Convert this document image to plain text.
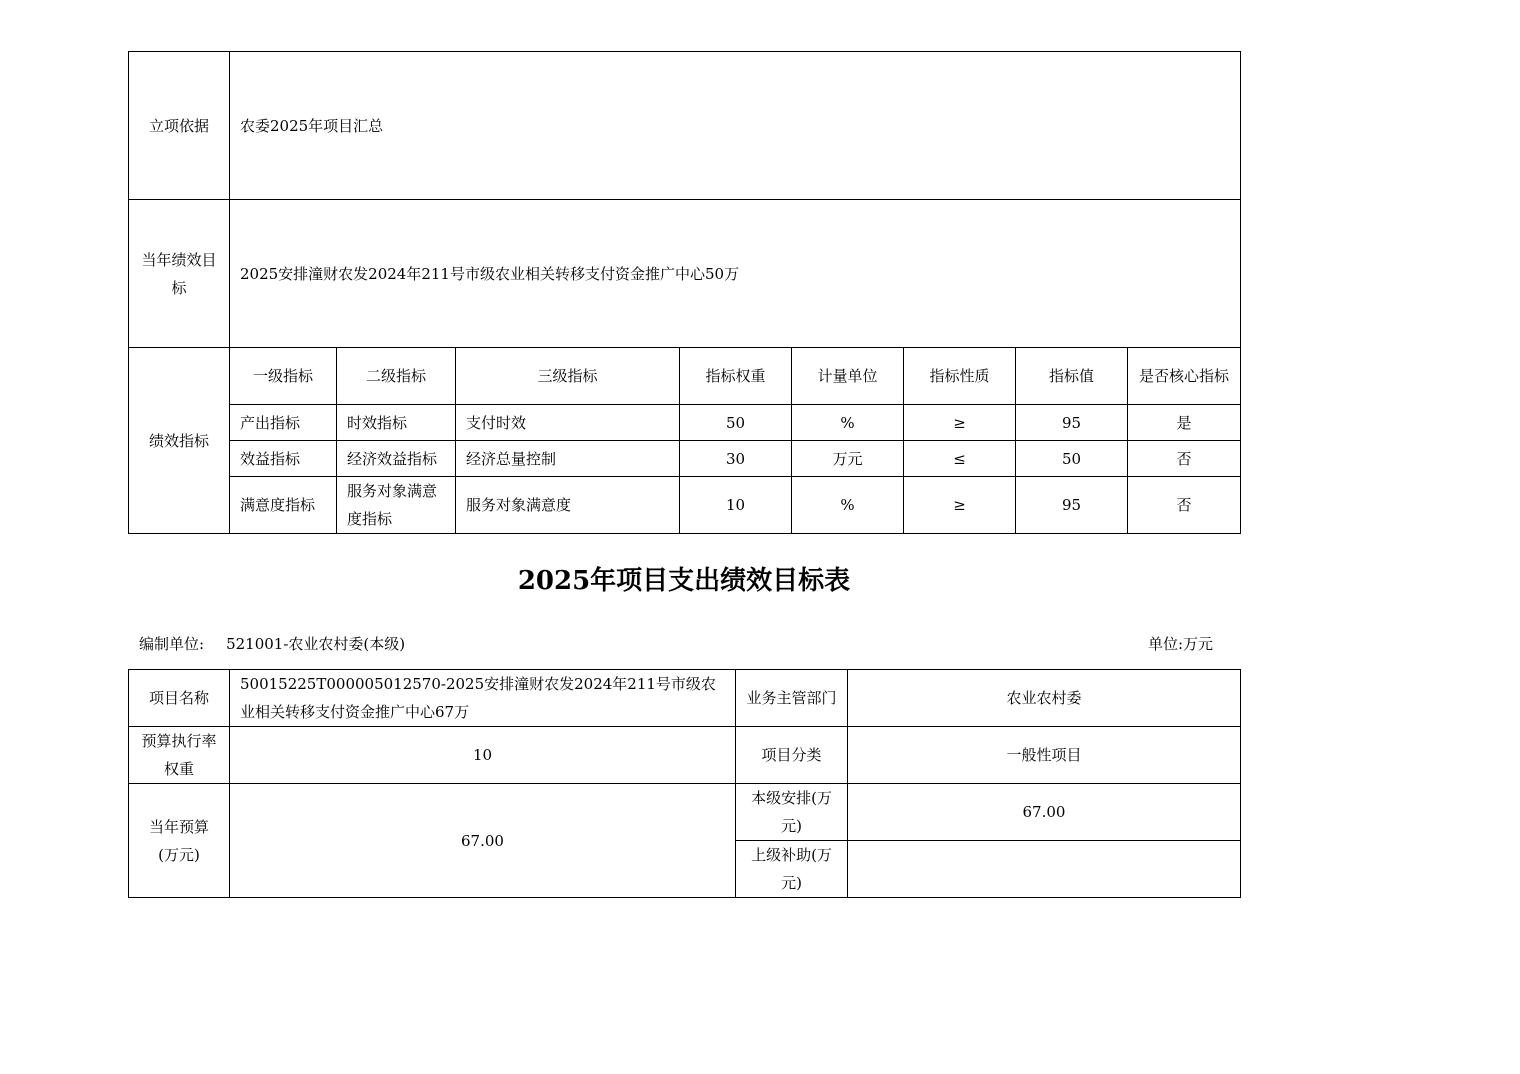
立项依据	农委2025年项目汇总							
当年绩效目标	2025安排潼财农发2024年211号市级农业相关转移支付资金推广中心50万							
绩效指标	一级指标	二级指标	三级指标	指标权重	计量单位	指标性质	指标值	是否核心指标
	产出指标	时效指标	支付时效	50	%	≥	95	是
	效益指标	经济效益指标	经济总量控制	30	万元	≤	50	否
	满意度指标	服务对象满意度指标	服务对象满意度	10	%	≥	95	否
2025年项目支出绩效目标表
编制单位: 521001-农业农村委(本级)	单位:万元
项目名称	50015225T000005012570-2025安排潼财农发2024年211号市级农业相关转移支付资金推广中心67万	业务主管部门	农业农村委
预算执行率权重	10	项目分类	一般性项目
当年预算(万元)	67.00	本级安排(万元)	67.00
		上级补助(万元)	
